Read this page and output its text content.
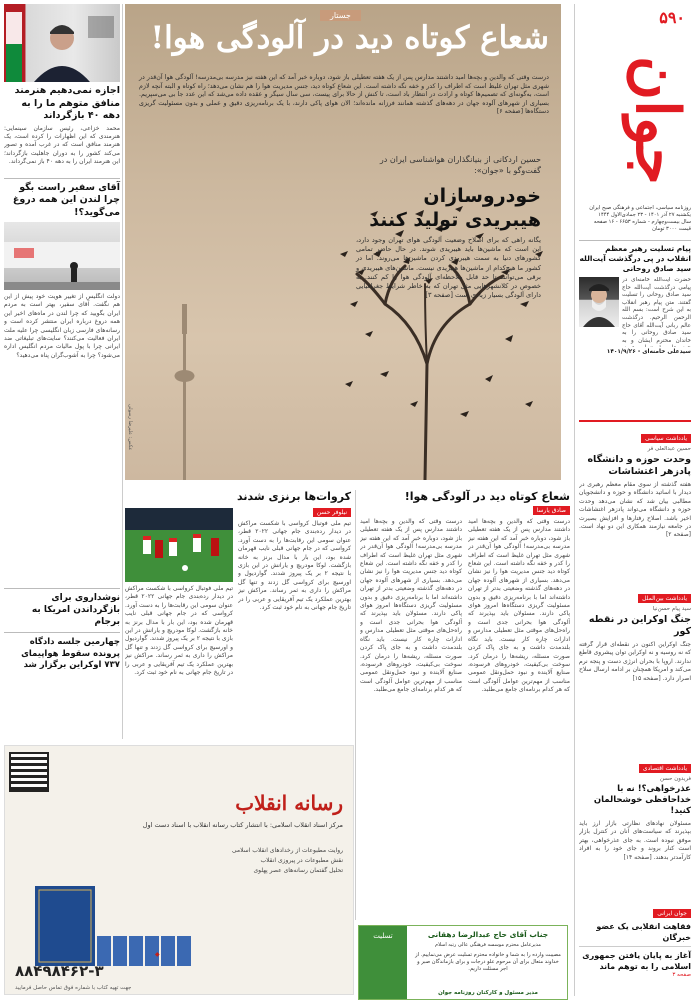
۵۹۰
جوان
روزنامه سیاسی، اجتماعی و فرهنگی صبح ایران
یکشنبه ۲۷ آذر ۱۴۰۱ - ۲۳ جمادی‌الاول ۱۴۴۴
سال بیست‌وچهارم - شماره ۶۶۵۳ - ۱۶ صفحه
قیمت ۳۰۰۰ تومان
پیام تسلیت رهبر معظم انقلاب در پی درگذشت آیت‌الله سید صادق روحانی
حضرت آیت‌الله خامنه‌ای در پیامی درگذشت آیت‌الله حاج سید صادق روحانی را تسلیت گفتند. متن پیام رهبر انقلاب به این شرح است: بسم الله الرحمن الرحیم. درگذشت عالم ربانی آیت‌الله آقای حاج سید صادق روحانی را به خاندان محترم ایشان و به
سیدعلی خامنه‌ای - ۱۴۰۱/۹/۲۶
یادداشت سیاسی
حسین عبدالعلی فر
وحدت حوزه و دانشگاه پادزهر اغتشاشات
هفته گذشته از سوی مقام معظم رهبری در دیدار با اساتید دانشگاه و حوزه و دانشجویان مطالبی بیان شد که نشان می‌دهد وحدت حوزه و دانشگاه می‌تواند پادزهر اغتشاشات اخیر باشد. اصلاح رفتارها و افزایش بصیرت در جامعه نیازمند همکاری این دو نهاد است. [صفحه ۲]
یادداشت بین‌الملل
سید پیام حسن‌نیا
جنگ اوکراین در نقطه کور
جنگ اوکراین اکنون در نقطه‌ای قرار گرفته که نه روسیه و نه اوکراین توان پیشروی قاطع ندارند. اروپا با بحران انرژی دست و پنجه نرم می‌کند و امریکا همچنان بر ادامه ارسال سلاح اصرار دارد. [صفحه ۱۵]
یادداشت اقتصادی
فریدون حسن
عذرخواهی؟! نه با خداحافظی خوشحالمان کنید!
مسئولان نهادهای نظارتی بازار ارز باید بپذیرند که سیاست‌های آنان در کنترل بازار موفق نبوده است. به جای عذرخواهی، بهتر است کنار بروند و جای خود را به افراد کارآمدتر بدهند. [صفحه ۱۴]
جوان ایرانی
فقاهت انقلابی یک عضو خبرگان
آغاز به پایان یافتن جمهوری اسلامی را به توهم ماند
صفحه ۳
جستار
شعاع کوتاه دید در آلودگی هوا!
درست وقتی که والدین و بچه‌ها امید داشتند مدارس پس از یک هفته تعطیلی باز شود، دوباره خبر آمد که این هفته نیز مدرسه بی‌مدرسه! آلودگی هوا آن‌قدر در شهری مثل تهران غلیظ است که اطراف را کدر و خفه نگه داشته است. این شعاع کوتاه دید، جنس مدیریت هوا را هم نشان می‌دهد؛ راه کوتاه و البته آنچه لازم است، به‌گونه‌ای که تصمیم‌ها کوتاه و ارادت در انتظار باد است، تا کنش از حالا برای پیست، سی سال سیگر و عقده داده می‌شد که این عدد جا بی می‌سپریم. بسیاری از شهرهای آلوده جهان در دهه‌های گذشته همانند فرزانه مانده‌اند؛ الان هوای پاکی دارند، با یک برنامه‌ریزی دقیق و عملی و بدون مسئولیت گریزی دستگاه‌ها [صفحه ۶]
حسین اردکانی از بنیانگذاران هواشناسی ایران در گفت‌وگو با «جوان»:
خودروسازان هیبریدی تولید کنند
یگانه راهی که برای اصلاح وضعیت آلودگی هوای تهران وجود دارد، این است که ماشین‌ها باید هیبریدی شوند. در حال حاضر تمامی کشورهای دنیا به سمت هیبریدی کردن ماشین‌ها می‌روند. اما در کشور ما هیچ‌کدام از ماشین‌ها هیبریدی نیست. ماشین‌های هیبریدی و برقی می‌توانند تا حد قابل ملاحظه‌ای آلودگی هوا را کم کنند. به خصوص در کلانشهرهایی مثل تهران که به خاطر شرایط جغرافیایی دارای آلودگی بسیار زیادی است [صفحه ۳]
عکس: علیرضا رسولی
اجازه نمی‌دهیم هنرمند منافق متوهم ما را به دهه ۴۰ بازگرداند
محمد خزاعی، رئیس سازمان سینمایی: هنرمندی که این اظهارات را کرده است، یک هنرمند منافق است که در غرب آمده و تصور می‌کند کشور را به دوران جاهلیت بازگرداند؛ این هنرمند ایران را به دهه ۴۰ باز نمی‌گرداند.
آقای سفیر راست بگو چرا لندن این همه دروغ می‌گوید؟!
دولت انگلیس از تغییر هویت خود پیش از این هم نگفت. آقای سفیر، بهتر است به مردم ایران بگویید که چرا لندن در ماه‌های اخیر این همه دروغ درباره ایران منتشر کرده است و رسانه‌های فارسی زبان انگلیسی چرا علیه ملت ایران فعالیت می‌کنند؟ سایت‌های تبلیغاتی ضد ایرانی چرا با پول مالیات مردم انگلیس اداره می‌شود؟ چرا به آشوب‌گران پناه می‌دهید؟
نوشداروی برای بازگرداندن امریکا به برجام
چهارمین جلسه دادگاه پرونده سقوط هواپیمای ۷۳۷ اوکراین برگزار شد
شعاع کوتاه دید در آلودگی هوا!
صادق یارسا
درست وقتی که والدین و بچه‌ها امید داشتند مدارس پس از یک هفته تعطیلی باز شود، دوباره خبر آمد که این هفته نیز مدرسه بی‌مدرسه! آلودگی هوا آن‌قدر در شهری مثل تهران غلیظ است که اطراف را کدر و خفه نگه داشته است. این شعاع کوتاه دید جنس مدیریت هوا را نیز نشان می‌دهد. بسیاری از شهرهای آلوده جهان در دهه‌های گذشته وضعیتی بدتر از تهران داشته‌اند اما با برنامه‌ریزی دقیق و بدون مسئولیت گریزی دستگاه‌ها امروز هوای پاکی دارند. مسئولان باید بپذیرند که آلودگی هوا بحرانی جدی است و راه‌حل‌های موقتی مثل تعطیلی مدارس و ادارات چاره کار نیست. باید نگاه بلندمدت داشت و به جای پاک کردن صورت مسئله، ریشه‌ها را درمان کرد. سوخت بی‌کیفیت، خودروهای فرسوده، صنایع آلاینده و نبود حمل‌ونقل عمومی مناسب از مهم‌ترین عوامل آلودگی است که هر کدام برنامه‌ای جامع می‌طلبد.
درست وقتی که والدین و بچه‌ها امید داشتند مدارس پس از یک هفته تعطیلی باز شود، دوباره خبر آمد که این هفته نیز مدرسه بی‌مدرسه! آلودگی هوا آن‌قدر در شهری مثل تهران غلیظ است که اطراف را کدر و خفه نگه داشته است. این شعاع کوتاه دید جنس مدیریت هوا را نیز نشان می‌دهد. بسیاری از شهرهای آلوده جهان در دهه‌های گذشته وضعیتی بدتر از تهران داشته‌اند اما با برنامه‌ریزی دقیق و بدون مسئولیت گریزی دستگاه‌ها امروز هوای پاکی دارند. مسئولان باید بپذیرند که آلودگی هوا بحرانی جدی است و راه‌حل‌های موقتی مثل تعطیلی مدارس و ادارات چاره کار نیست. باید نگاه بلندمدت داشت و به جای پاک کردن صورت مسئله، ریشه‌ها را درمان کرد. سوخت بی‌کیفیت، خودروهای فرسوده، صنایع آلاینده و نبود حمل‌ونقل عمومی مناسب از مهم‌ترین عوامل آلودگی است که هر کدام برنامه‌ای جامع می‌طلبد.
کروات‌ها برنزی شدند
نیلوفر حسن
تیم ملی فوتبال کرواسی با شکست مراکش در دیدار رده‌بندی جام جهانی ۲۰۲۲ قطر، عنوان سومی این رقابت‌ها را به دست آورد. کرواسی که در جام جهانی قبلی نایب قهرمان شده بود، این بار با مدال برنز به خانه بازگشت. لوکا مودریچ و یارانش در این بازی با نتیجه ۲ بر یک پیروز شدند. گواردیول و اورسیچ برای کرواسی گل زدند و تنها گل مراکش را داری به ثمر رساند. مراکش نیز بهترین عملکرد یک تیم آفریقایی و عربی را در تاریخ جام جهانی به نام خود ثبت کرد.
تیم ملی فوتبال کرواسی با شکست مراکش در دیدار رده‌بندی جام جهانی ۲۰۲۲ قطر، عنوان سومی این رقابت‌ها را به دست آورد. کرواسی که در جام جهانی قبلی نایب قهرمان شده بود، این بار با مدال برنز به خانه بازگشت. لوکا مودریچ و یارانش در این بازی با نتیجه ۲ بر یک پیروز شدند. گواردیول و اورسیچ برای کرواسی گل زدند و تنها گل مراکش را داری به ثمر رساند. مراکش نیز بهترین عملکرد یک تیم آفریقایی و عربی را در تاریخ جام جهانی به نام خود ثبت کرد.
رسانه انقلاب
مرکز اسناد انقلاب اسلامی: با انتشار کتاب رسانه انقلاب با اسناد دست اول
روایت مطبوعات از رخدادهای انقلاب اسلامی
نقش مطبوعات در پیروزی انقلاب
تحلیل گفتمان رسانه‌های عصر پهلوی
◆
۸۸۴۹۸۴۶۲-۳
جهت تهیه کتاب با شماره فوق تماس حاصل فرمایید
جناب آقای حاج عبدالرضا دهقانی
مدیرعامل محترم موسسه فرهنگی عالی رتبه اسلام
مصیبت وارده را به شما و خانواده محترم تسلیت عرض می‌نماییم. از خداوند متعال برای آن مرحوم علو درجات و برای بازماندگان صبر و اجر مسئلت داریم.
مدیر مسئول و کارکنان روزنامه جوان
تسلیت
